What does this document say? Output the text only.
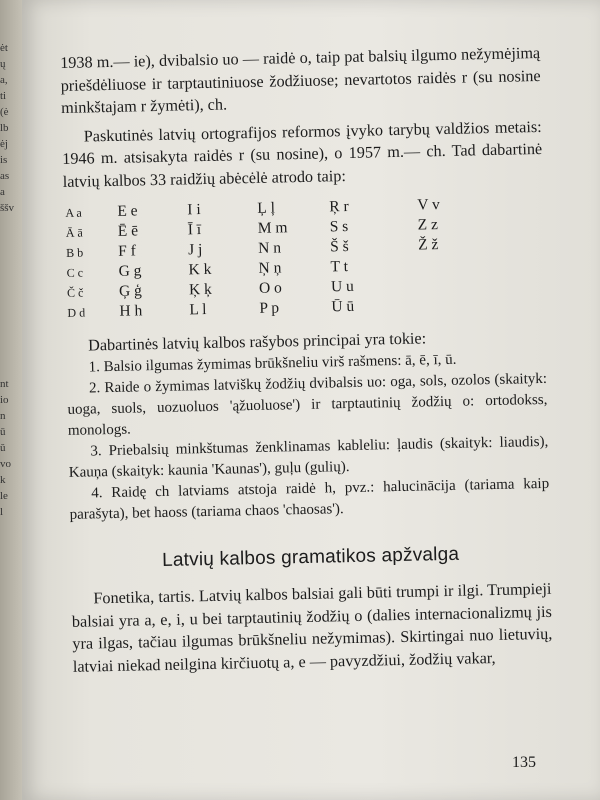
ėt
ų
a,
ti
(ė
lb
ėj
is
as
a
ššv

nt
io
n
ū
ŭ
vo
k
le
l

1938 m.— ie), dvibalsio uo — raidė o, taip pat balsių ilgumo nežymėjimą priešdėliuose ir tarptautiniuose žodžiuose; nevartotos raidės r (su nosine minkštajam r žymėti), ch.

Paskutinės latvių ortografijos reformos įvyko tarybų valdžios metais: 1946 m. atsisakyta raidės r (su nosine), o 1957 m.— ch. Tad dabartinė latvių kalbos 33 raidžių abėcėlė atrodo taip:

A a
Ā ā
B b
C c
Č č
D d
E e
Ē ē
F f
G g
Ģ ģ
H h
I i
Ī ī
J j
K k
Ķ ķ
L l
Ļ ļ
M m
N n
Ņ ņ
O o
P p
Ŗ r
S s
Š š
T t
U u
Ū ū
V v
Z z
Ž ž

Dabartinės latvių kalbos rašybos principai yra tokie:

1. Balsio ilgumas žymimas brūkšneliu virš rašmens: ā, ē, ī, ū.

2. Raide o žymimas latviškų žodžių dvibalsis uo: oga, sols, ozolos (skaityk: uoga, suols, uozuoluos 'ąžuoluose') ir tarptautinių žodžių o: ortodokss, monologs.

3. Priebalsių minkštumas ženklinamas kableliu: ļaudis (skaityk: liaudis), Kauņa (skaityk: kaunia 'Kaunas'), guļu (gulių).

4. Raidę ch latviams atstoja raidė h, pvz.: halucinācija (tariama kaip parašyta), bet haoss (tariama chaos 'chaosas').

Latvių kalbos gramatikos apžvalga

Fonetika, tartis. Latvių kalbos balsiai gali būti trumpi ir ilgi. Trumpieji balsiai yra a, e, i, u bei tarptautinių žodžių o (dalies internacionalizmų jis yra ilgas, tačiau ilgumas brūkšneliu nežymimas). Skirtingai nuo lietuvių, latviai niekad neilgina kirčiuotų a, e — pavyzdžiui, žodžių vakar,

135
